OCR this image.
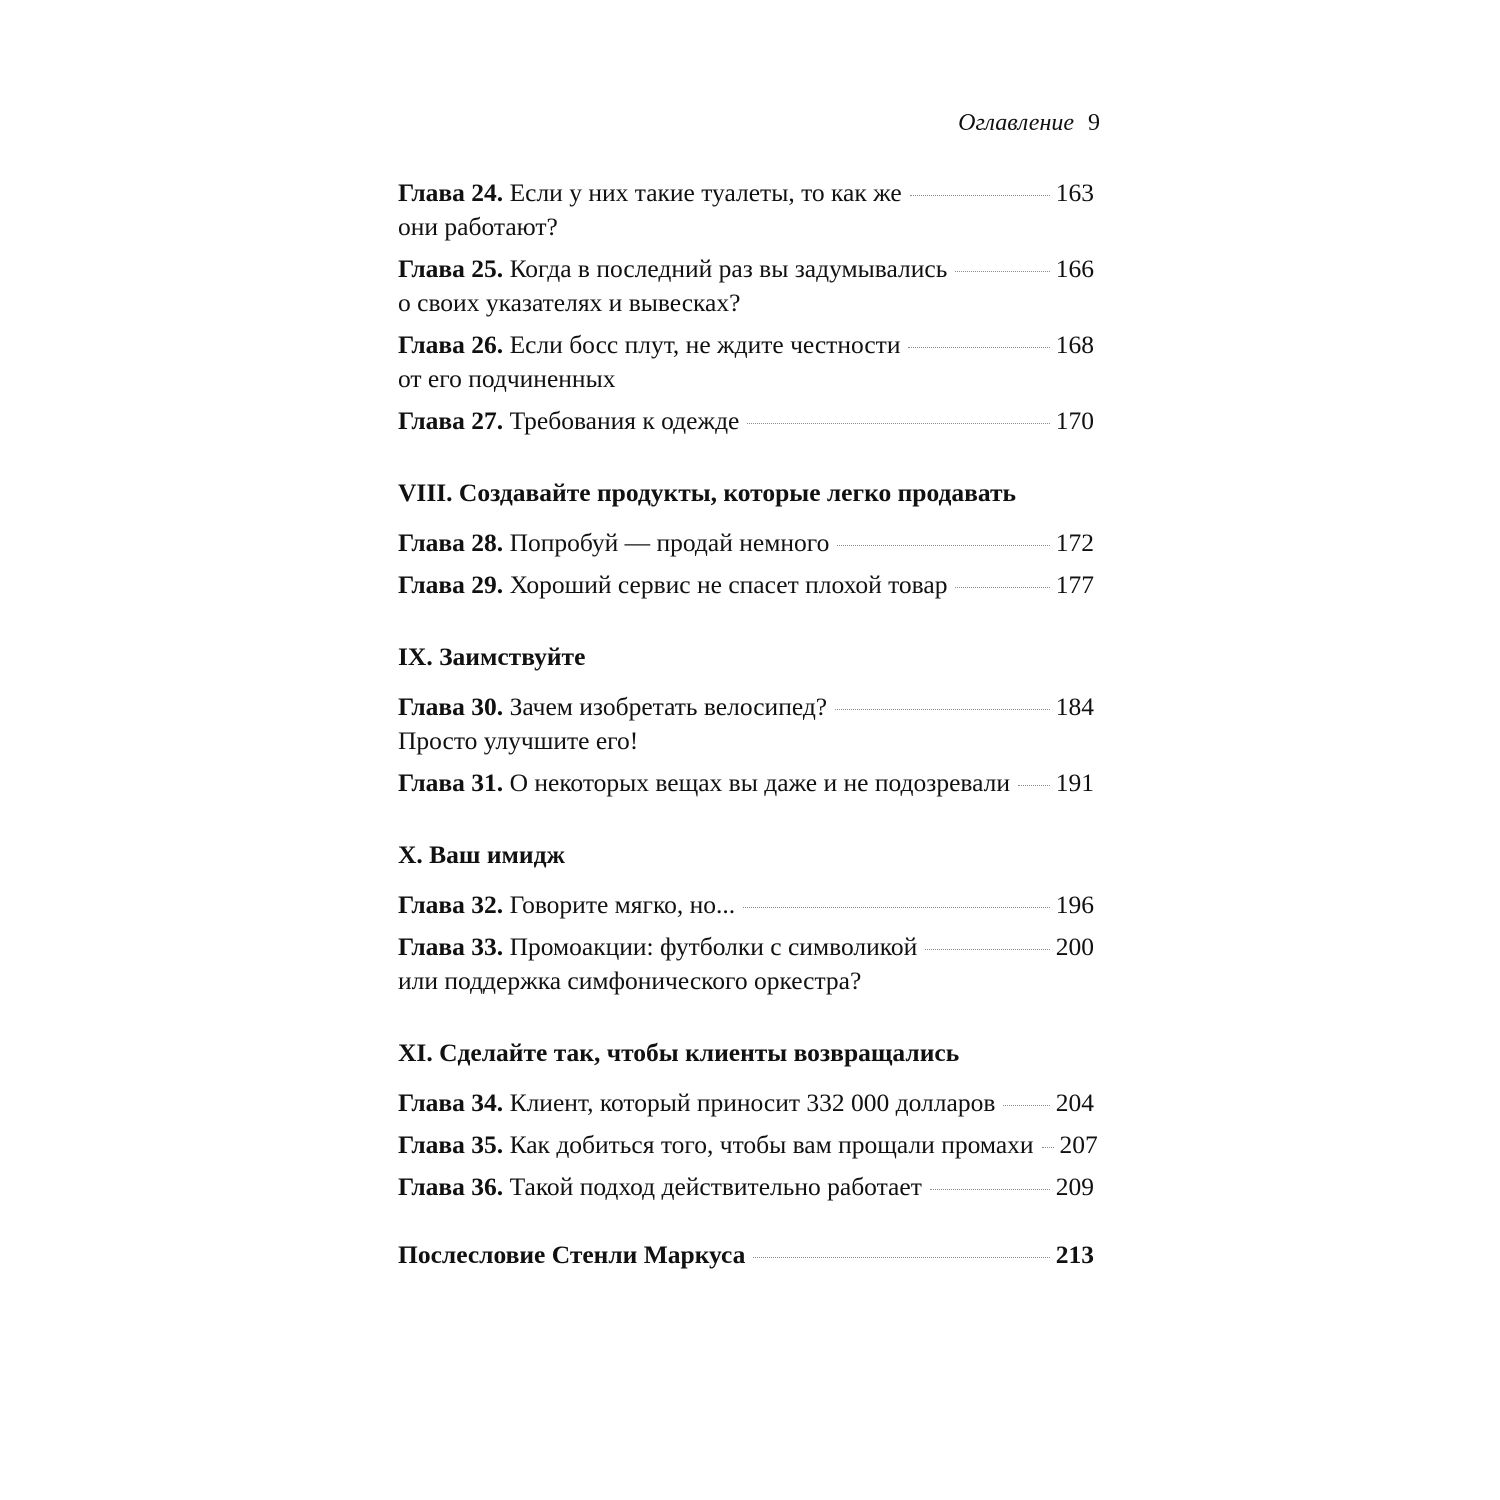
Оглавление 9
Глава 24. Если у них такие туалеты, то как же	163
они работают?
Глава 25. Когда в последний раз вы задумывались	166
о своих указателях и вывесках?
Глава 26. Если босс плут, не ждите честности	168
от его подчиненных
Глава 27. Требования к одежде	170
VIII. Создавайте продукты, которые легко продавать
Глава 28. Попробуй — продай немного	172
Глава 29. Хороший сервис не спасет плохой товар	177
IX. Заимствуйте
Глава 30. Зачем изобретать велосипед?	184
Просто улучшите его!
Глава 31. О некоторых вещах вы даже и не подозревали 191
X. Ваш имидж
Глава 32. Говорите мягко, но...	196
Глава 33. Промоакции: футболки с символикой	200
или поддержка симфонического оркестра?
XI. Сделайте так, чтобы клиенты возвращались
Глава 34. Клиент, который приносит 332 000 долларов 204
Глава 35. Как добиться того, чтобы вам прощали промахи 207
Глава 36. Такой подход действительно работает	209
Послесловие Стенли Маркуса	213
